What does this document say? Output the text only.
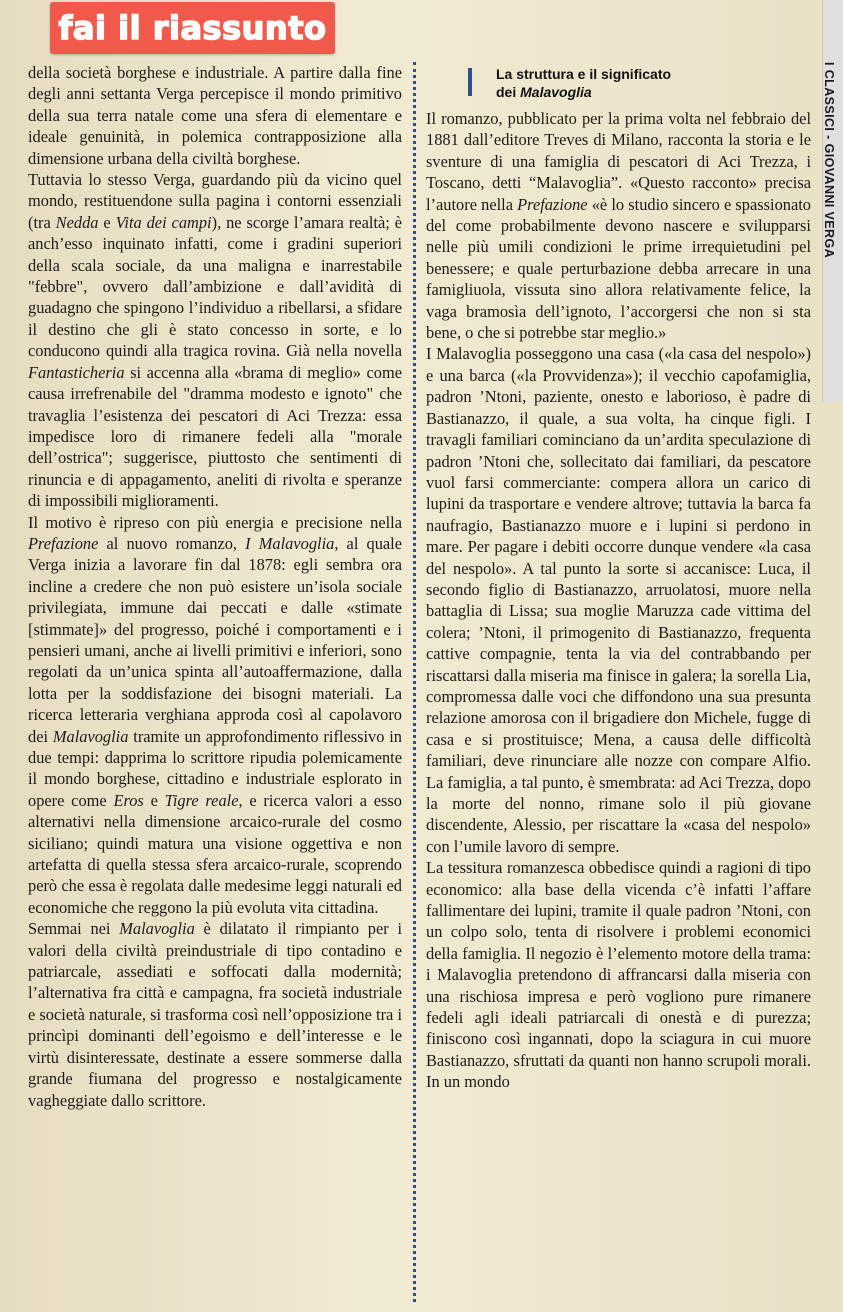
fai il riassunto
I CLASSICI - GIOVANNI VERGA

della società borghese e industriale. A partire dalla fine degli anni settanta Verga percepisce il mondo primitivo della sua terra natale come una sfera di elementare e ideale genuinità, in polemica contrapposizione alla dimensione urbana della civiltà borghese.

Tuttavia lo stesso Verga, guardando più da vicino quel mondo, restituendone sulla pagina i contorni essenziali (tra Nedda e Vita dei campi), ne scorge l’amara realtà; è anch’esso inquinato infatti, come i gradini superiori della scala sociale, da una maligna e inarrestabile "febbre", ovvero dall’ambizione e dall’avidità di guadagno che spingono l’individuo a ribellarsi, a sfidare il destino che gli è stato concesso in sorte, e lo conducono quindi alla tragica rovina. Già nella novella Fantasticheria si accenna alla «brama di meglio» come causa irrefrenabile del "dramma modesto e ignoto" che travaglia l’esistenza dei pescatori di Aci Trezza: essa impedisce loro di rimanere fedeli alla "morale dell’ostrica"; suggerisce, piuttosto che sentimenti di rinuncia e di appagamento, aneliti di rivolta e speranze di impossibili miglioramenti.

Il motivo è ripreso con più energia e precisione nella Prefazione al nuovo romanzo, I Malavoglia, al quale Verga inizia a lavorare fin dal 1878: egli sembra ora incline a credere che non può esistere un’isola sociale privilegiata, immune dai peccati e dalle «stimate [stimmate]» del progresso, poiché i comportamenti e i pensieri umani, anche ai livelli primitivi e inferiori, sono regolati da un’unica spinta all’autoaffermazione, dalla lotta per la soddisfazione dei bisogni materiali. La ricerca letteraria verghiana approda così al capolavoro dei Malavoglia tramite un approfondimento riflessivo in due tempi: dapprima lo scrittore ripudia polemicamente il mondo borghese, cittadino e industriale esplorato in opere come Eros e Tigre reale, e ricerca valori a esso alternativi nella dimensione arcaico-rurale del cosmo siciliano; quindi matura una visione oggettiva e non artefatta di quella stessa sfera arcaico-rurale, scoprendo però che essa è regolata dalle medesime leggi naturali ed economiche che reggono la più evoluta vita cittadina.

Semmai nei Malavoglia è dilatato il rimpianto per i valori della civiltà preindustriale di tipo contadino e patriarcale, assediati e soffocati dalla modernità; l’alternativa fra città e campagna, fra società industriale e società naturale, si trasforma così nell’opposizione tra i princìpi dominanti dell’egoismo e dell’interesse e le virtù disinteressate, destinate a essere sommerse dalla grande fiumana del progresso e nostalgicamente vagheggiate dallo scrittore.

La struttura e il significato
dei Malavoglia

Il romanzo, pubblicato per la prima volta nel febbraio del 1881 dall’editore Treves di Milano, racconta la storia e le sventure di una famiglia di pescatori di Aci Trezza, i Toscano, detti “Malavoglia”. «Questo racconto» precisa l’autore nella Prefazione «è lo studio sincero e spassionato del come probabilmente devono nascere e svilupparsi nelle più umili condizioni le prime irrequietudini pel benessere; e quale perturbazione debba arrecare in una famigliuola, vissuta sino allora relativamente felice, la vaga bramosìa dell’ignoto, l’accorgersi che non si sta bene, o che si potrebbe star meglio.»

I Malavoglia posseggono una casa («la casa del nespolo») e una barca («la Provvidenza»); il vecchio capofamiglia, padron ’Ntoni, paziente, onesto e laborioso, è padre di Bastianazzo, il quale, a sua volta, ha cinque figli. I travagli familiari cominciano da un’ardita speculazione di padron ’Ntoni che, sollecitato dai familiari, da pescatore vuol farsi commerciante: compera allora un carico di lupini da trasportare e vendere altrove; tuttavia la barca fa naufragio, Bastianazzo muore e i lupini si perdono in mare. Per pagare i debiti occorre dunque vendere «la casa del nespolo». A tal punto la sorte si accanisce: Luca, il secondo figlio di Bastianazzo, arruolatosi, muore nella battaglia di Lissa; sua moglie Maruzza cade vittima del colera; ’Ntoni, il primogenito di Bastianazzo, frequenta cattive compagnie, tenta la via del contrabbando per riscattarsi dalla miseria ma finisce in galera; la sorella Lia, compromessa dalle voci che diffondono una sua presunta relazione amorosa con il brigadiere don Michele, fugge di casa e si prostituisce; Mena, a causa delle difficoltà familiari, deve rinunciare alle nozze con compare Alfio. La famiglia, a tal punto, è smembrata: ad Aci Trezza, dopo la morte del nonno, rimane solo il più giovane discendente, Alessio, per riscattare la «casa del nespolo» con l’umile lavoro di sempre.

La tessitura romanzesca obbedisce quindi a ragioni di tipo economico: alla base della vicenda c’è infatti l’affare fallimentare dei lupini, tramite il quale padron ’Ntoni, con un colpo solo, tenta di risolvere i problemi economici della famiglia. Il negozio è l’elemento motore della trama: i Malavoglia pretendono di affrancarsi dalla miseria con una rischiosa impresa e però vogliono pure rimanere fedeli agli ideali patriarcali di onestà e di purezza; finiscono così ingannati, dopo la sciagura in cui muore Bastianazzo, sfruttati da quanti non hanno scrupoli morali. In un mondo
